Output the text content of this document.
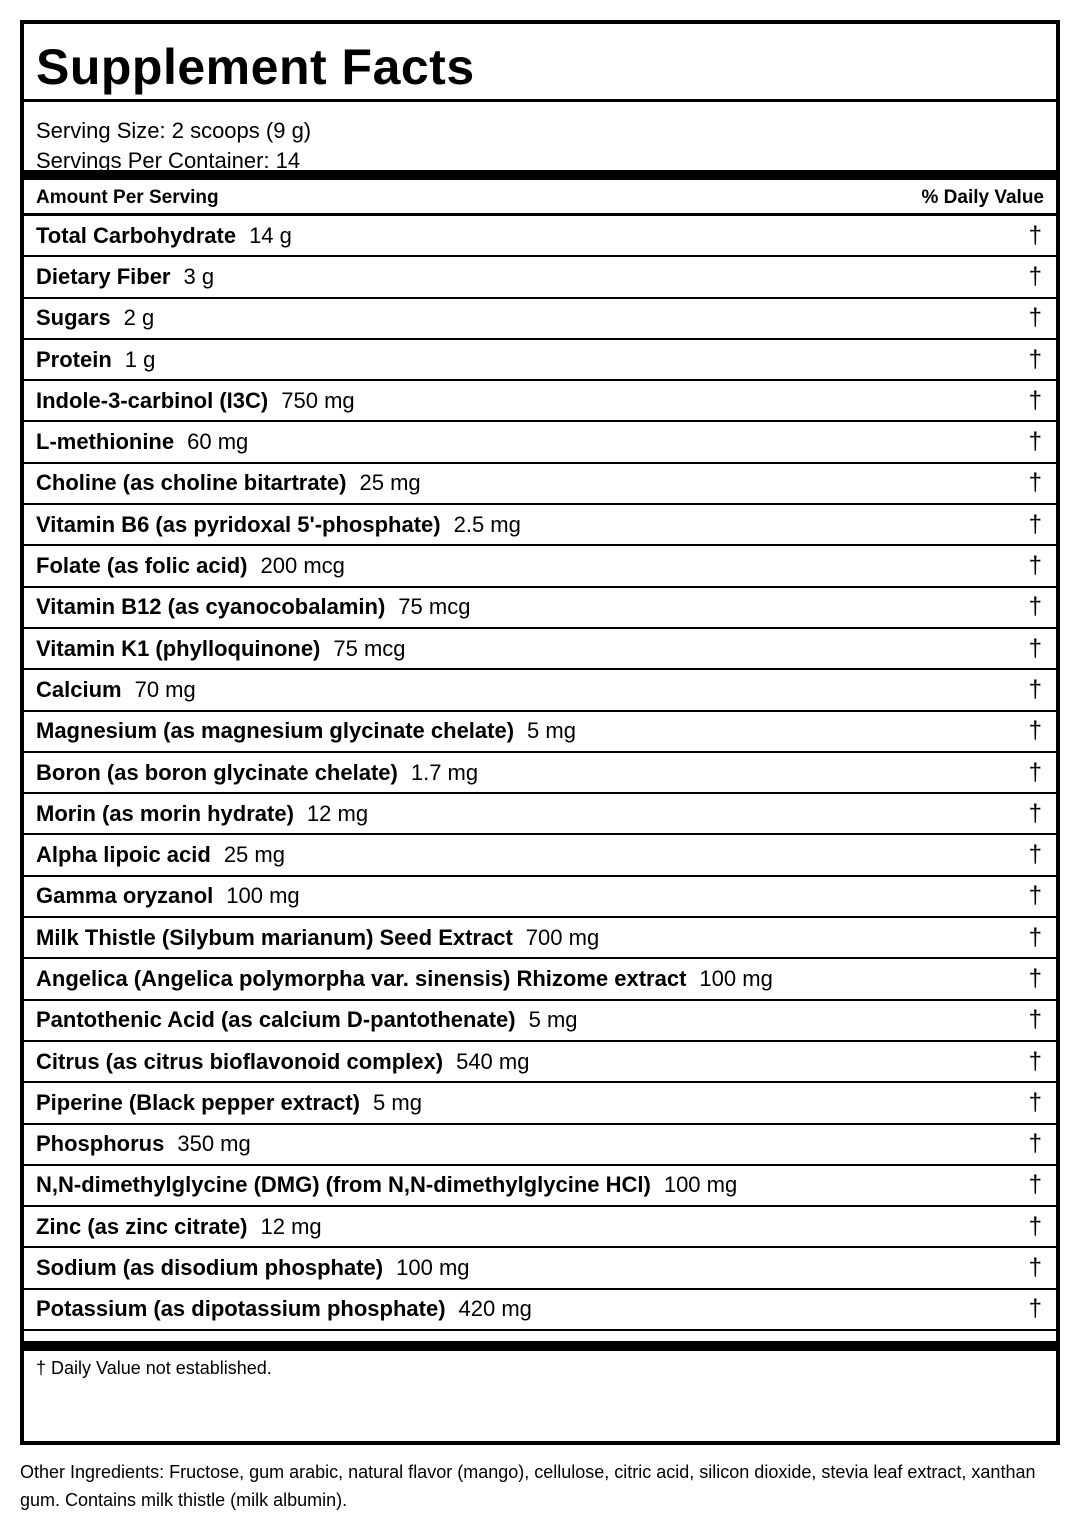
Supplement Facts
Serving Size: 2 scoops (9 g)
Servings Per Container: 14
Amount Per Serving	% Daily Value
Total Carbohydrate 14 g	†
Dietary Fiber 3 g	†
Sugars 2 g	†
Protein 1 g	†
Indole-3-carbinol (I3C) 750 mg	†
L-methionine 60 mg	†
Choline (as choline bitartrate) 25 mg	†
Vitamin B6 (as pyridoxal 5'-phosphate) 2.5 mg	†
Folate (as folic acid) 200 mcg	†
Vitamin B12 (as cyanocobalamin) 75 mcg	†
Vitamin K1 (phylloquinone) 75 mcg	†
Calcium 70 mg	†
Magnesium (as magnesium glycinate chelate) 5 mg	†
Boron (as boron glycinate chelate) 1.7 mg	†
Morin (as morin hydrate) 12 mg	†
Alpha lipoic acid 25 mg	†
Gamma oryzanol 100 mg	†
Milk Thistle (Silybum marianum) Seed Extract 700 mg	†
Angelica (Angelica polymorpha var. sinensis) Rhizome extract 100 mg	†
Pantothenic Acid (as calcium D-pantothenate) 5 mg	†
Citrus (as citrus bioflavonoid complex) 540 mg	†
Piperine (Black pepper extract) 5 mg	†
Phosphorus 350 mg	†
N,N-dimethylglycine (DMG) (from N,N-dimethylglycine HCl) 100 mg	†
Zinc (as zinc citrate) 12 mg	†
Sodium (as disodium phosphate) 100 mg	†
Potassium (as dipotassium phosphate) 420 mg	†
† Daily Value not established.
Other Ingredients: Fructose, gum arabic, natural flavor (mango), cellulose, citric acid, silicon dioxide, stevia leaf extract, xanthan gum. Contains milk thistle (milk albumin).
